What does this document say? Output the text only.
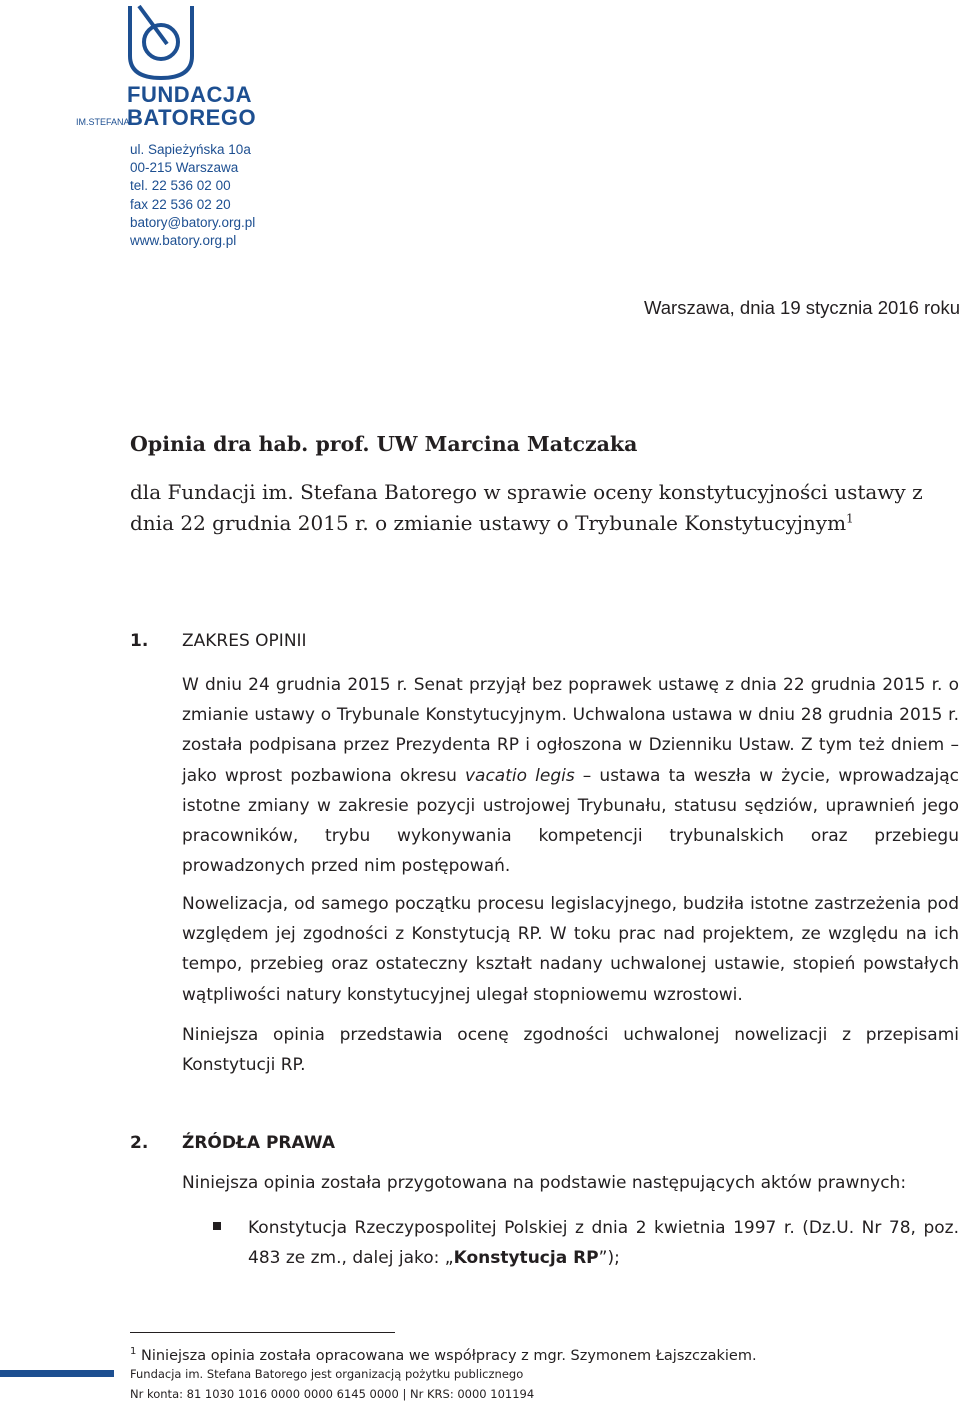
FUNDACJA
BATOREGO
IM.STEFANA
ul. Sapieżyńska 10a
00-215 Warszawa
tel. 22 536 02 00
fax 22 536 02 20
batory@batory.org.pl
www.batory.org.pl
Warszawa, dnia 19 stycznia 2016 roku
Opinia dra hab. prof. UW Marcina Matczaka
dla Fundacji im. Stefana Batorego w sprawie oceny konstytucyjności ustawy z dnia 22 grudnia 2015 r. o zmianie ustawy o Trybunale Konstytucyjnym$^1$
1. ZAKRES OPINII
W dniu 24 grudnia 2015 r. Senat przyjął bez poprawek ustawę z dnia 22 grudnia 2015 r. o zmianie ustawy o Trybunale Konstytucyjnym. Uchwalona ustawa w dniu 28 grudnia 2015 r. została podpisana przez Prezydenta RP i ogłoszona w Dzienniku Ustaw. Z tym też dniem – jako wprost pozbawiona okresu vacatio legis – ustawa ta weszła w życie, wprowadzając istotne zmiany w zakresie pozycji ustrojowej Trybunału, statusu sędziów, uprawnień jego pracowników, trybu wykonywania kompetencji trybunalskich oraz przebiegu prowadzonych przed nim postępowań.
Nowelizacja, od samego początku procesu legislacyjnego, budziła istotne zastrzeżenia pod względem jej zgodności z Konstytucją RP. W toku prac nad projektem, ze względu na ich tempo, przebieg oraz ostateczny kształt nadany uchwalonej ustawie, stopień powstałych wątpliwości natury konstytucyjnej ulegał stopniowemu wzrostowi.
Niniejsza opinia przedstawia ocenę zgodności uchwalonej nowelizacji z przepisami Konstytucji RP.
2. ŹRÓDŁA PRAWA
Niniejsza opinia została przygotowana na podstawie następujących aktów prawnych:
Konstytucja Rzeczypospolitej Polskiej z dnia 2 kwietnia 1997 r. (Dz.U. Nr 78, poz. 483 ze zm., dalej jako: „Konstytucja RP”);
$^1$ Niniejsza opinia została opracowana we współpracy z mgr. Szymonem Łajszczakiem.
Fundacja im. Stefana Batorego jest organizacją pożytku publicznego
Nr konta: 81 1030 1016 0000 0000 6145 0000 | Nr KRS: 0000 101194
